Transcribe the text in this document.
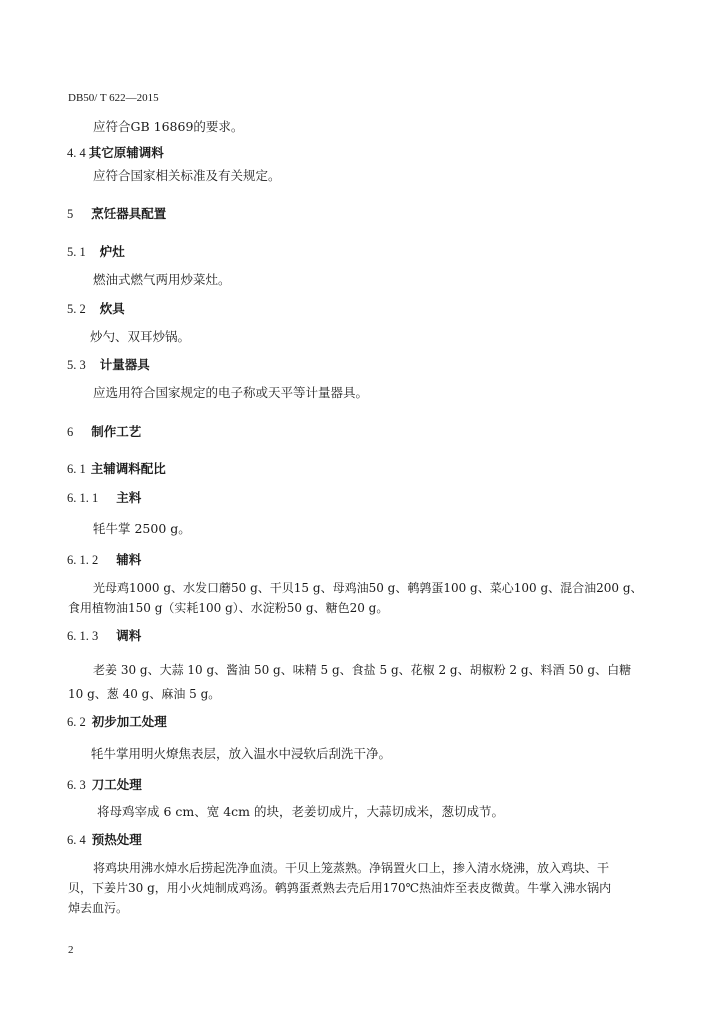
DB50/ T 622—2015
应符合GB 16869的要求。
4. 4 其它原辅调料
应符合国家相关标准及有关规定。
5 烹饪器具配置
5. 1 炉灶
燃油式燃气两用炒菜灶。
5. 2 炊具
炒勺、双耳炒锅。
5. 3 计量器具
应选用符合国家规定的电子称或天平等计量器具。
6 制作工艺
6. 1 主辅调料配比
6. 1. 1 主料
牦牛掌 2500 g。
6. 1. 2 辅料
光母鸡1000 g、水发口蘑50 g、干贝15 g、母鸡油50 g、鹌鹑蛋100 g、菜心100 g、混合油200 g、
食用植物油150 g（实耗100 g）、水淀粉50 g、糖色20 g。
6. 1. 3 调料
老姜 30 g、大蒜 10 g、酱油 50 g、味精 5 g、食盐 5 g、花椒 2 g、胡椒粉 2 g、料酒 50 g、白糖
10 g、葱 40 g、麻油 5 g。
6. 2 初步加工处理
牦牛掌用明火燎焦表层，放入温水中浸软后刮洗干净。
6. 3 刀工处理
将母鸡宰成 6 cm、宽 4cm 的块，老姜切成片，大蒜切成米，葱切成节。
6. 4 预热处理
将鸡块用沸水焯水后捞起洗净血渍。干贝上笼蒸熟。净锅置火口上，掺入清水烧沸，放入鸡块、干
贝，下姜片30 g，用小火炖制成鸡汤。鹌鹑蛋煮熟去壳后用170℃热油炸至表皮微黄。牛掌入沸水锅内
焯去血污。
2
